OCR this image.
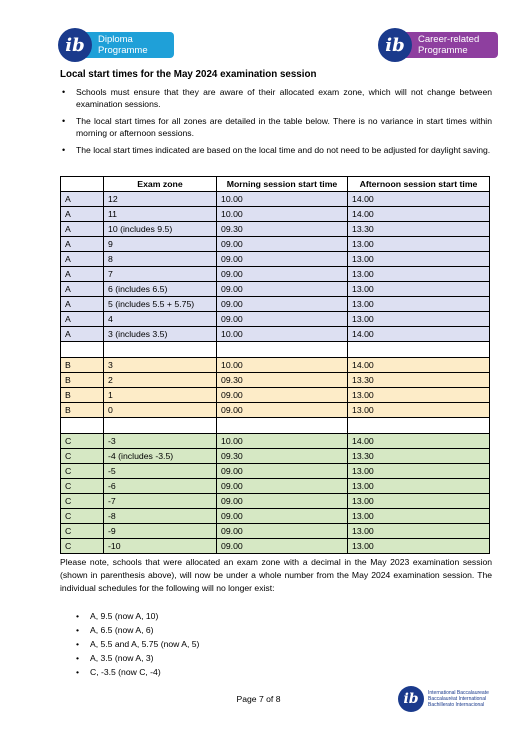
ib	Diploma
Programme	ib	Career-related
Programme
Local start times for the May 2024 examination session
• Schools must ensure that they are aware of their allocated exam zone, which will not change between examination sessions.
• The local start times for all zones are detailed in the table below. There is no variance in start times within morning or afternoon sessions.
• The local start times indicated are based on the local time and do not need to be adjusted for daylight saving.
	Exam zone	Morning session start time	Afternoon session start time
A	12	10.00	14.00
A	11	10.00	14.00
A	10 (includes 9.5)	09.30	13.30
A	9	09.00	13.00
A	8	09.00	13.00
A	7	09.00	13.00
A	6 (includes 6.5)	09.00	13.00
A	5 (includes 5.5 + 5.75)	09.00	13.00
A	4	09.00	13.00
A	3 (includes 3.5)	10.00	14.00

B	3	10.00	14.00
B	2	09.30	13.30
B	1	09.00	13.00
B	0	09.00	13.00

C	-3	10.00	14.00
C	-4 (includes -3.5)	09.30	13.30
C	-5	09.00	13.00
C	-6	09.00	13.00
C	-7	09.00	13.00
C	-8	09.00	13.00
C	-9	09.00	13.00
C	-10	09.00	13.00
Please note, schools that were allocated an exam zone with a decimal in the May 2023 examination session (shown in parenthesis above), will now be under a whole number from the May 2024 examination session. The individual schedules for the following will no longer exist:
• A, 9.5 (now A, 10)
• A, 6.5 (now A, 6)
• A, 5.5 and A, 5.75 (now A, 5)
• A, 3.5 (now A, 3)
• C, -3.5 (now C, -4)
Page 7 of 8	ib	International Baccalaureate
Baccalauréat International
Bachillerato Internacional
